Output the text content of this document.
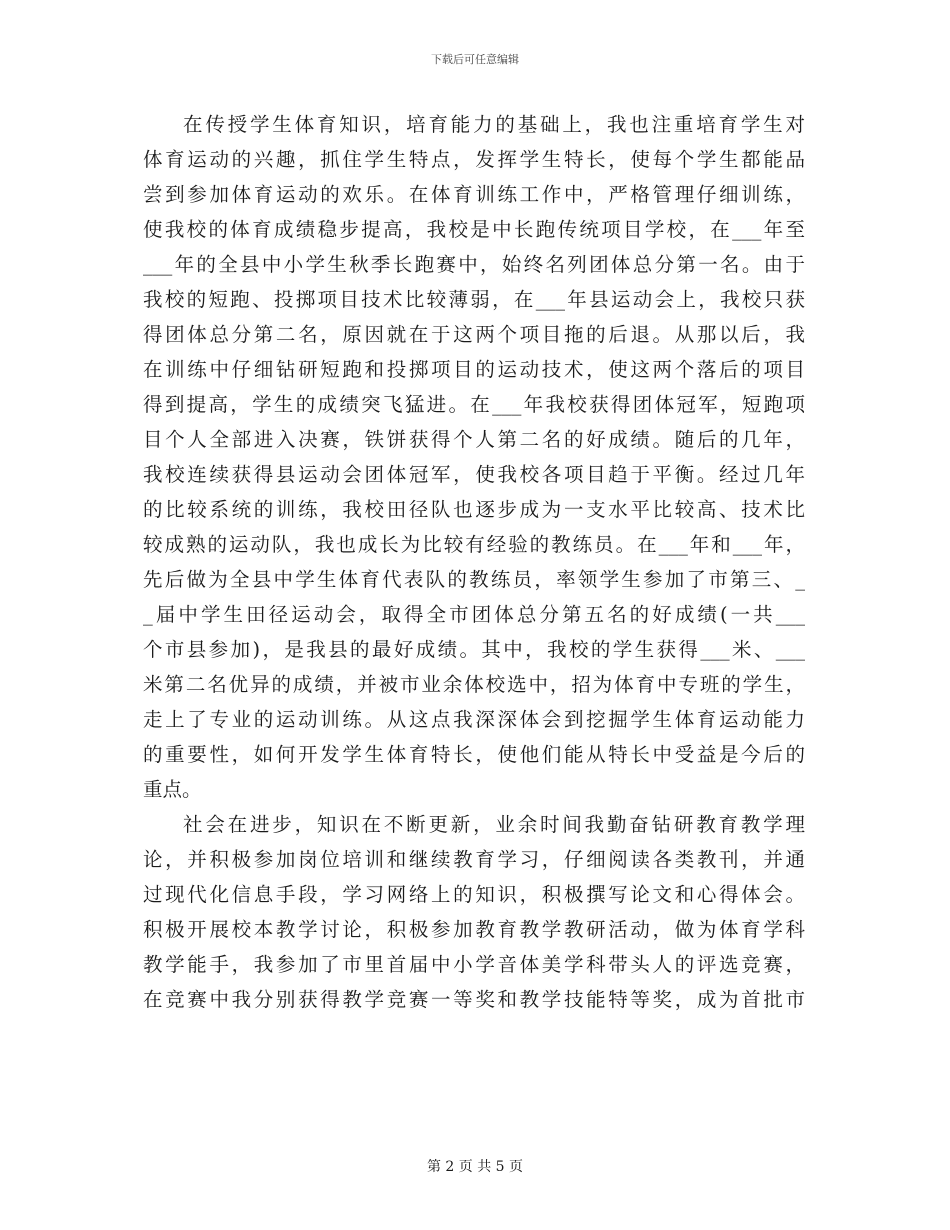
下载后可任意编辑
在传授学生体育知识，培育能力的基础上，我也注重培育学生对
体育运动的兴趣，抓住学生特点，发挥学生特长，使每个学生都能品
尝到参加体育运动的欢乐。在体育训练工作中，严格管理仔细训练，
使我校的体育成绩稳步提高，我校是中长跑传统项目学校，在___年至
___年的全县中小学生秋季长跑赛中，始终名列团体总分第一名。由于
我校的短跑、投掷项目技术比较薄弱，在___年县运动会上，我校只获
得团体总分第二名，原因就在于这两个项目拖的后退。从那以后，我
在训练中仔细钻研短跑和投掷项目的运动技术，使这两个落后的项目
得到提高，学生的成绩突飞猛进。在___年我校获得团体冠军，短跑项
目个人全部进入决赛，铁饼获得个人第二名的好成绩。随后的几年，
我校连续获得县运动会团体冠军，使我校各项目趋于平衡。经过几年
的比较系统的训练，我校田径队也逐步成为一支水平比较高、技术比
较成熟的运动队，我也成长为比较有经验的教练员。在___年和___年，
先后做为全县中学生体育代表队的教练员，率领学生参加了市第三、_
_届中学生田径运动会，取得全市团体总分第五名的好成绩(一共___
个市县参加)，是我县的最好成绩。其中，我校的学生获得___米、___
米第二名优异的成绩，并被市业余体校选中，招为体育中专班的学生，
走上了专业的运动训练。从这点我深深体会到挖掘学生体育运动能力
的重要性，如何开发学生体育特长，使他们能从特长中受益是今后的
重点。
社会在进步，知识在不断更新，业余时间我勤奋钻研教育教学理
论，并积极参加岗位培训和继续教育学习，仔细阅读各类教刊，并通
过现代化信息手段，学习网络上的知识，积极撰写论文和心得体会。
积极开展校本教学讨论，积极参加教育教学教研活动，做为体育学科
教学能手，我参加了市里首届中小学音体美学科带头人的评选竞赛，
在竞赛中我分别获得教学竞赛一等奖和教学技能特等奖，成为首批市
第 2 页 共 5 页
